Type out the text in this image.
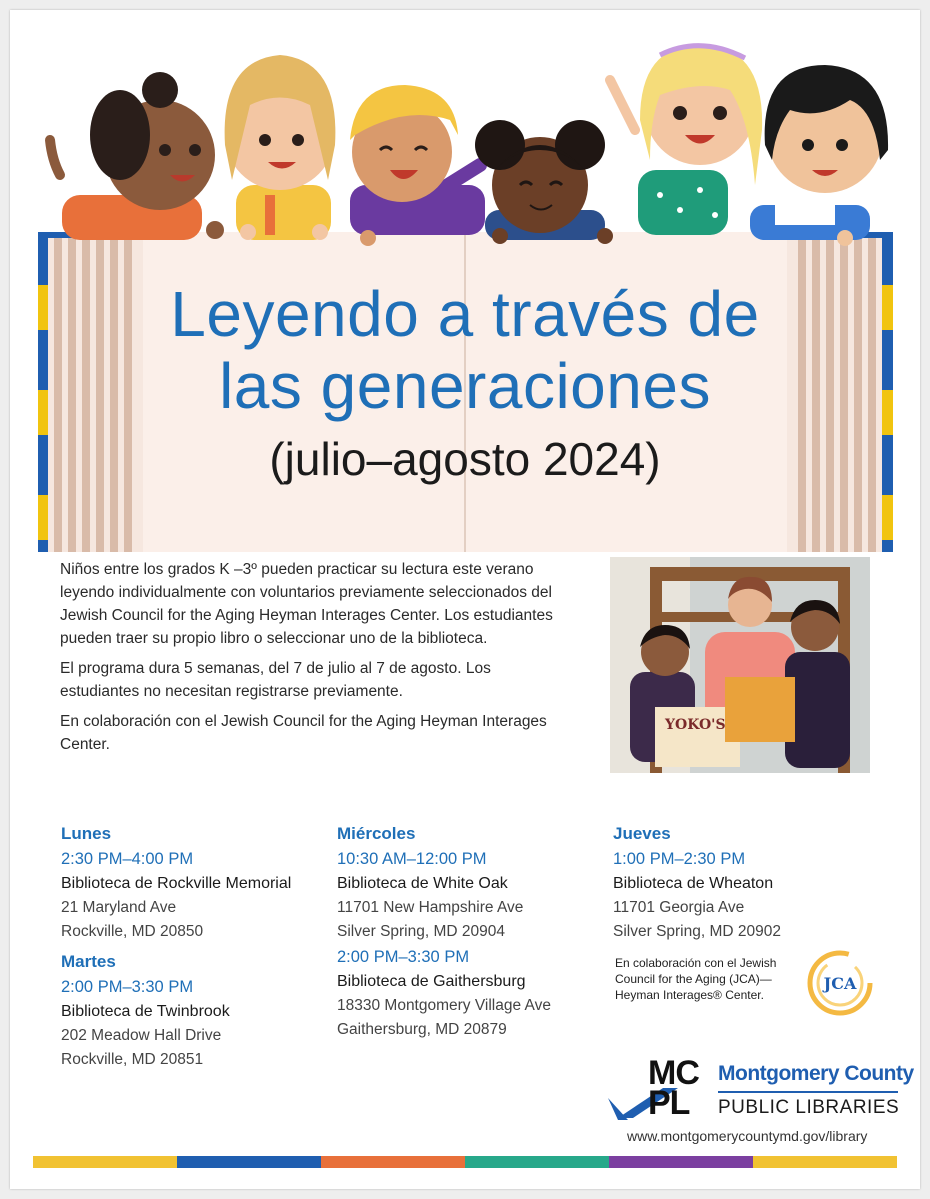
Leyendo a través de las generaciones
(julio–agosto 2024)

Niños entre los grados K –3º pueden practicar su lectura este verano leyendo individualmente con voluntarios previamente seleccionados del Jewish Council for the Aging Heyman Interages Center. Los estudiantes pueden traer su propio libro o seleccionar uno de la biblioteca.

El programa dura 5 semanas, del 7 de julio al 7 de agosto. Los estudiantes no necesitan registrarse previamente.

En colaboración con el Jewish Council for the Aging Heyman Interages Center.

YOKO'S
Lunes
2:30 PM–4:00 PM
Biblioteca de Rockville Memorial
21 Maryland Ave
Rockville, MD 20850
Martes
2:00 PM–3:30 PM
Biblioteca de Twinbrook
202 Meadow Hall Drive
Rockville, MD 20851
Miércoles
10:30 AM–12:00 PM
Biblioteca de White Oak
11701 New Hampshire Ave
Silver Spring, MD 20904
2:00 PM–3:30 PM
Biblioteca de Gaithersburg
18330 Montgomery Village Ave
Gaithersburg, MD 20879
Jueves
1:00 PM–2:30 PM
Biblioteca de Wheaton
11701 Georgia Ave
Silver Spring, MD 20902
En colaboración con el Jewish
Council for the Aging (JCA)—
Heyman Interages® Center.
JCA
MC
PL
Montgomery County
PUBLIC LIBRARIES
www.montgomerycountymd.gov/library
